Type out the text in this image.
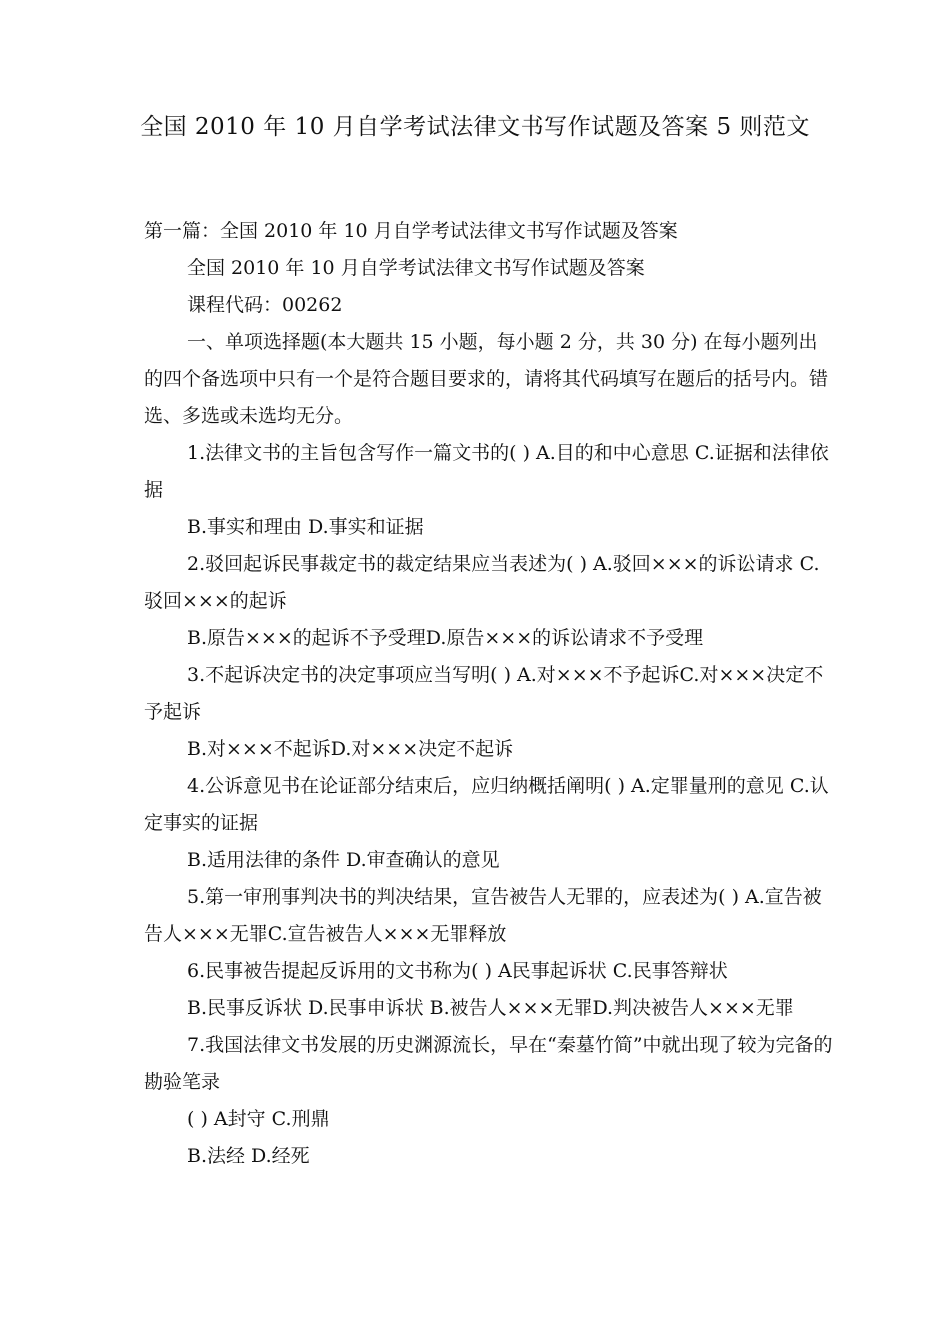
全国 2010 年 10 月自学考试法律文书写作试题及答案 5 则范文

第一篇：全国 2010 年 10 月自学考试法律文书写作试题及答案

全国 2010 年 10 月自学考试法律文书写作试题及答案

课程代码：00262

一、单项选择题(本大题共 15 小题，每小题 2 分，共 30 分) 在每小题列出的四个备选项中只有一个是符合题目要求的，请将其代码填写在题后的括号内。错选、多选或未选均无分。

1.法律文书的主旨包含写作一篇文书的( ) A.目的和中心意思 C.证据和法律依据

B.事实和理由 D.事实和证据

2.驳回起诉民事裁定书的裁定结果应当表述为( ) A.驳回×××的诉讼请求 C.驳回×××的起诉

B.原告×××的起诉不予受理D.原告×××的诉讼请求不予受理

3.不起诉决定书的决定事项应当写明( ) A.对×××不予起诉C.对×××决定不予起诉

B.对×××不起诉D.对×××决定不起诉

4.公诉意见书在论证部分结束后，应归纳概括阐明( ) A.定罪量刑的意见 C.认定事实的证据

B.适用法律的条件 D.审查确认的意见

5.第一审刑事判决书的判决结果，宣告被告人无罪的，应表述为( ) A.宣告被告人×××无罪C.宣告被告人×××无罪释放

6.民事被告提起反诉用的文书称为( ) A民事起诉状 C.民事答辩状

B.民事反诉状 D.民事申诉状 B.被告人×××无罪D.判决被告人×××无罪

7.我国法律文书发展的历史渊源流长，早在“秦墓竹简”中就出现了较为完备的勘验笔录

( ) A封守 C.刑鼎

B.法经 D.经死
